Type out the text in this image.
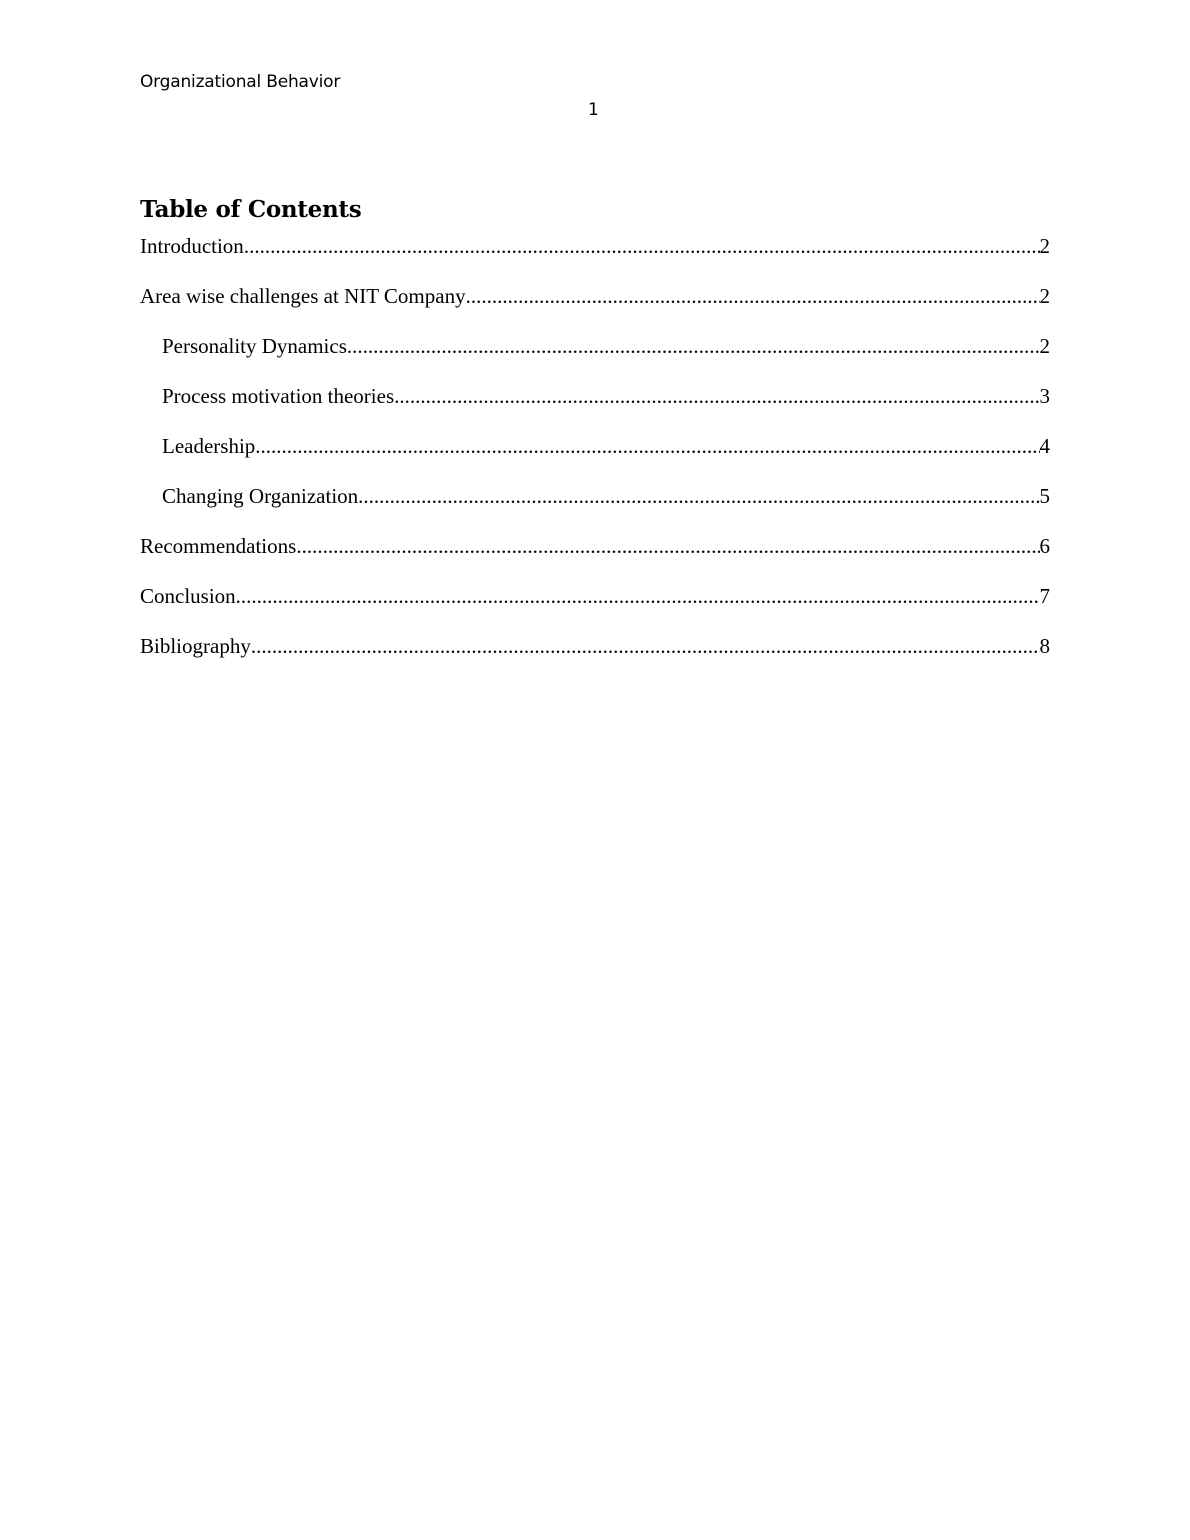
Organizational Behavior
1
Table of Contents
Introduction .....	2
Area wise challenges at NIT Company .....	2
Personality Dynamics .....	2
Process motivation theories .....	3
Leadership .....	4
Changing Organization .....	5
Recommendations .....	6
Conclusion .....	7
Bibliography .....	8
